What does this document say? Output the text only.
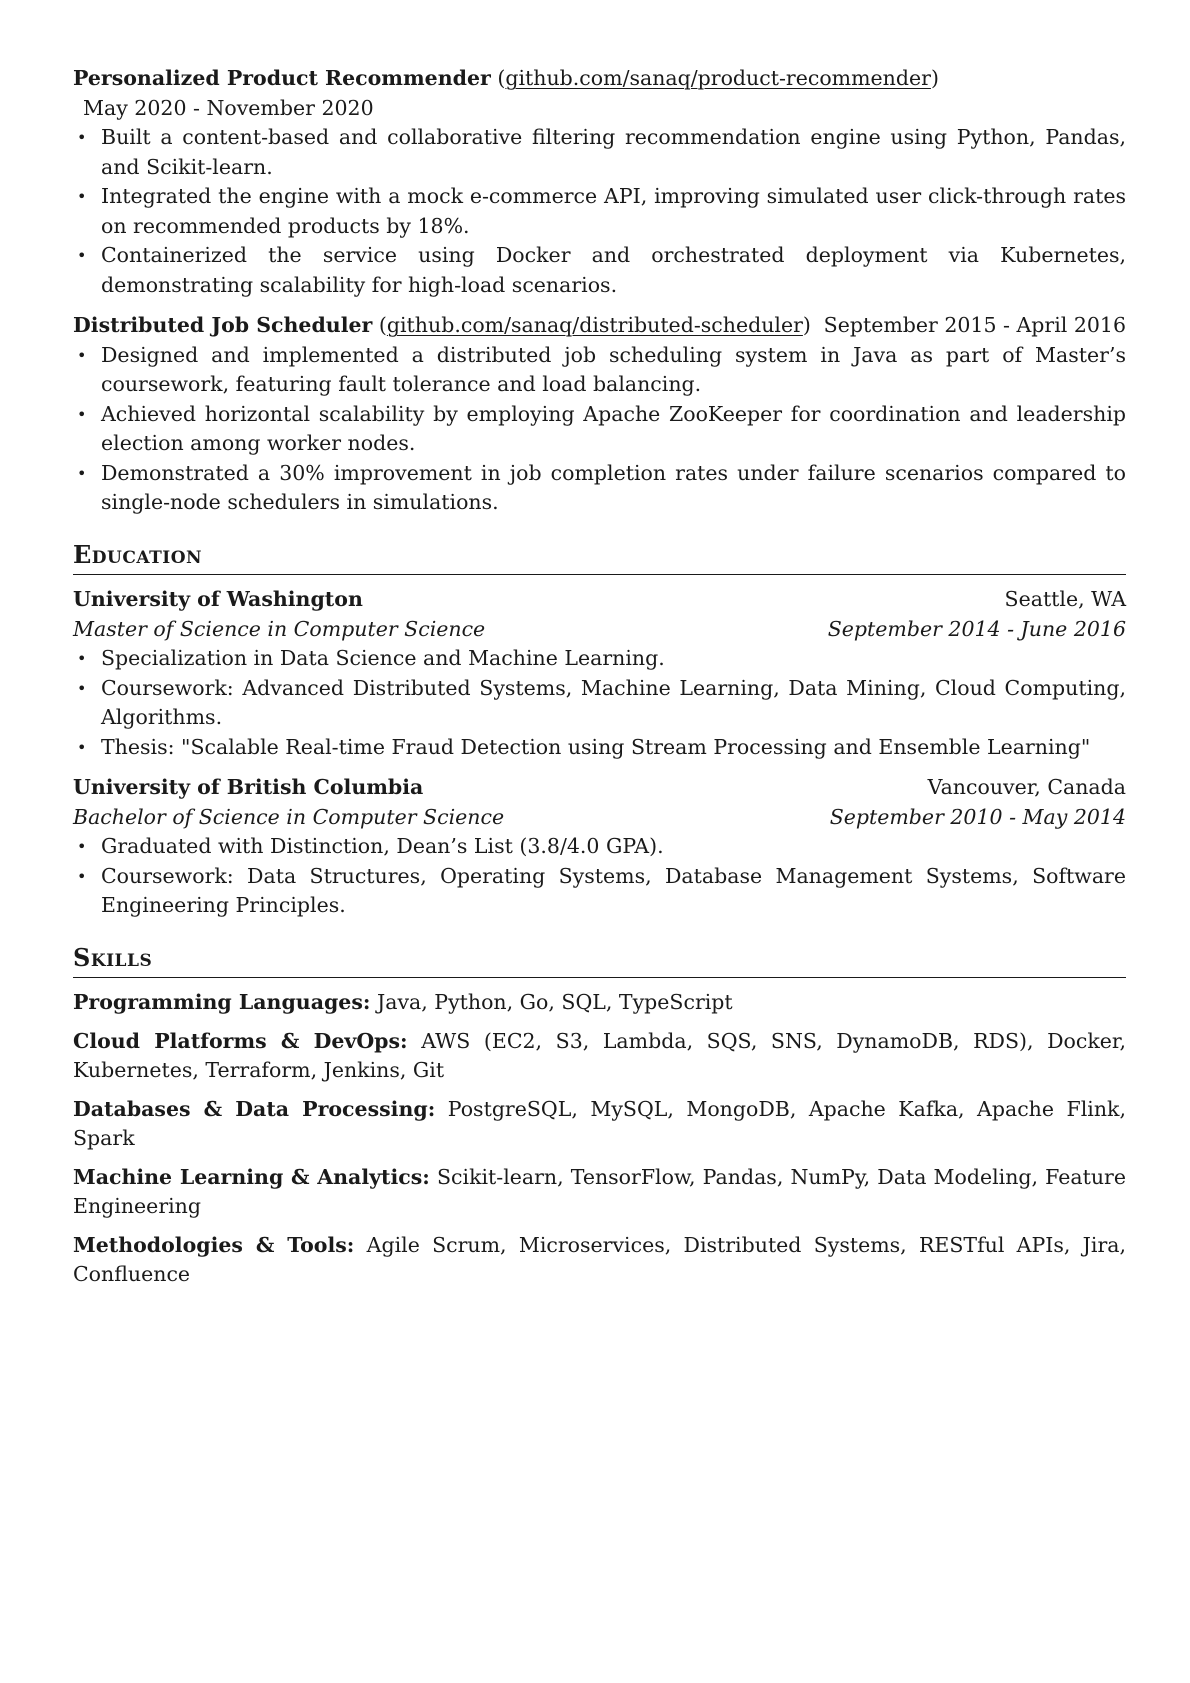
Personalized Product Recommender (github.com/sanaq/product-recommender) May 2020 - November 2020
• Built a content-based and collaborative filtering recommendation engine using Python, Pandas, and Scikit-learn.
• Integrated the engine with a mock e-commerce API, improving simulated user click-through rates on recommended products by 18%.
• Containerized the service using Docker and orchestrated deployment via Kubernetes, demonstrating scalability for high-load scenarios.
Distributed Job Scheduler (github.com/sanaq/distributed-scheduler) September 2015 - April 2016
• Designed and implemented a distributed job scheduling system in Java as part of Master’s coursework, featuring fault tolerance and load balancing.
• Achieved horizontal scalability by employing Apache ZooKeeper for coordination and leadership election among worker nodes.
• Demonstrated a 30% improvement in job completion rates under failure scenarios compared to single-node schedulers in simulations.
Education
University of Washington	Seattle, WA
Master of Science in Computer Science	September 2014 - June 2016
• Specialization in Data Science and Machine Learning.
• Coursework: Advanced Distributed Systems, Machine Learning, Data Mining, Cloud Computing, Algorithms.
• Thesis: "Scalable Real-time Fraud Detection using Stream Processing and Ensemble Learning"
University of British Columbia	Vancouver, Canada
Bachelor of Science in Computer Science	September 2010 - May 2014
• Graduated with Distinction, Dean’s List (3.8/4.0 GPA).
• Coursework: Data Structures, Operating Systems, Database Management Systems, Software Engineering Principles.
Skills
Programming Languages: Java, Python, Go, SQL, TypeScript
Cloud Platforms & DevOps: AWS (EC2, S3, Lambda, SQS, SNS, DynamoDB, RDS), Docker, Kubernetes, Terraform, Jenkins, Git
Databases & Data Processing: PostgreSQL, MySQL, MongoDB, Apache Kafka, Apache Flink, Spark
Machine Learning & Analytics: Scikit-learn, TensorFlow, Pandas, NumPy, Data Modeling, Feature Engineering
Methodologies & Tools: Agile Scrum, Microservices, Distributed Systems, RESTful APIs, Jira, Confluence
